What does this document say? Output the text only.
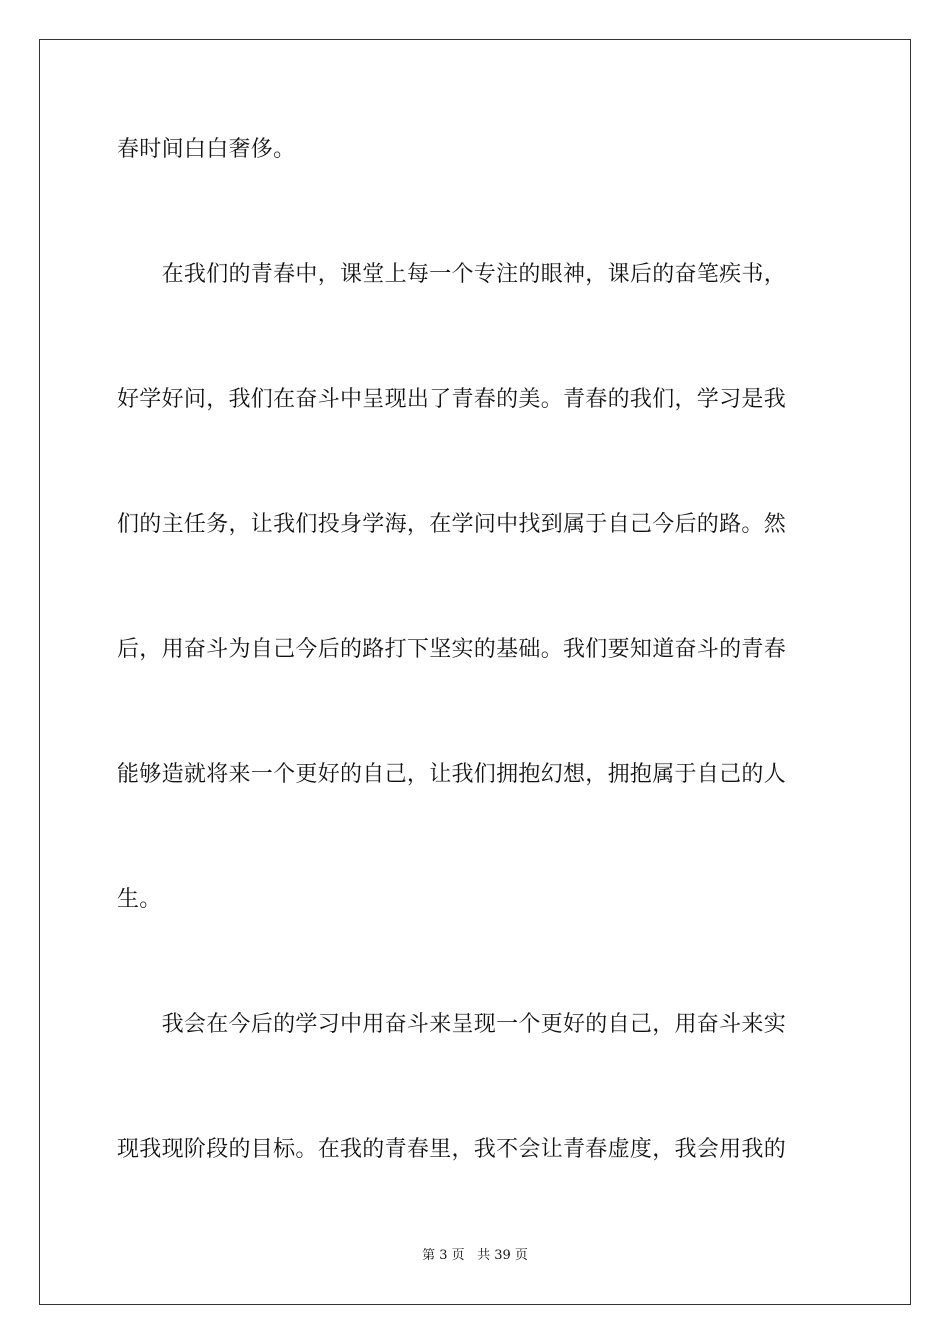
春时间白白奢侈。
　　在我们的青春中，课堂上每一个专注的眼神，课后的奋笔疾书，
好学好问，我们在奋斗中呈现出了青春的美。青春的我们，学习是我
们的主任务，让我们投身学海，在学问中找到属于自己今后的路。然
后，用奋斗为自己今后的路打下坚实的基础。我们要知道奋斗的青春
能够造就将来一个更好的自己，让我们拥抱幻想，拥抱属于自己的人
生。
　　我会在今后的学习中用奋斗来呈现一个更好的自己，用奋斗来实
现我现阶段的目标。在我的青春里，我不会让青春虚度，我会用我的
第 3 页 共 39 页
